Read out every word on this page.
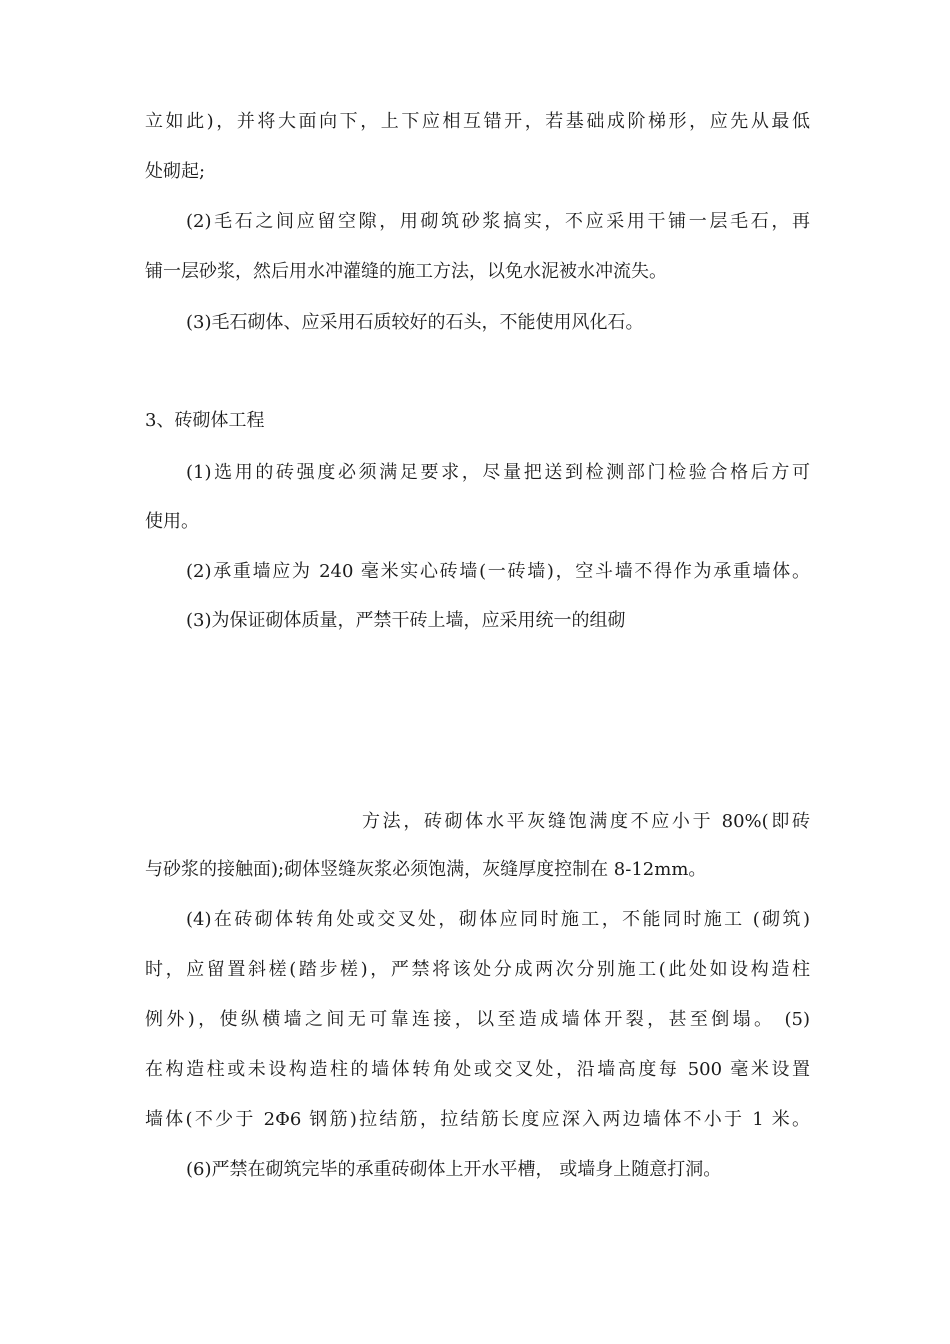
立如此)，并将大面向下，上下应相互错开，若基础成阶梯形，应先从最低
处砌起;
(2)毛石之间应留空隙，用砌筑砂浆搞实，不应采用干铺一层毛石，再
铺一层砂浆，然后用水冲灌缝的施工方法，以免水泥被水冲流失。
(3)毛石砌体、应采用石质较好的石头，不能使用风化石。
3、砖砌体工程
(1)选用的砖强度必须满足要求，尽量把送到检测部门检验合格后方可
使用。
(2)承重墙应为 240 毫米实心砖墙(一砖墙)，空斗墙不得作为承重墙体。
(3)为保证砌体质量，严禁干砖上墙，应采用统一的组砌
方法，砖砌体水平灰缝饱满度不应小于 80%(即砖
与砂浆的接触面);砌体竖缝灰浆必须饱满，灰缝厚度控制在 8-12mm。
(4)在砖砌体转角处或交叉处，砌体应同时施工，不能同时施工 (砌筑)
时，应留置斜槎(踏步槎)，严禁将该处分成两次分别施工(此处如设构造柱
例外)，使纵横墙之间无可靠连接，以至造成墙体开裂，甚至倒塌。 (5)
在构造柱或未设构造柱的墙体转角处或交叉处，沿墙高度每 500 毫米设置
墙体(不少于 2Φ6 钢筋)拉结筋，拉结筋长度应深入两边墙体不小于 1 米。
(6)严禁在砌筑完毕的承重砖砌体上开水平槽， 或墙身上随意打洞。
